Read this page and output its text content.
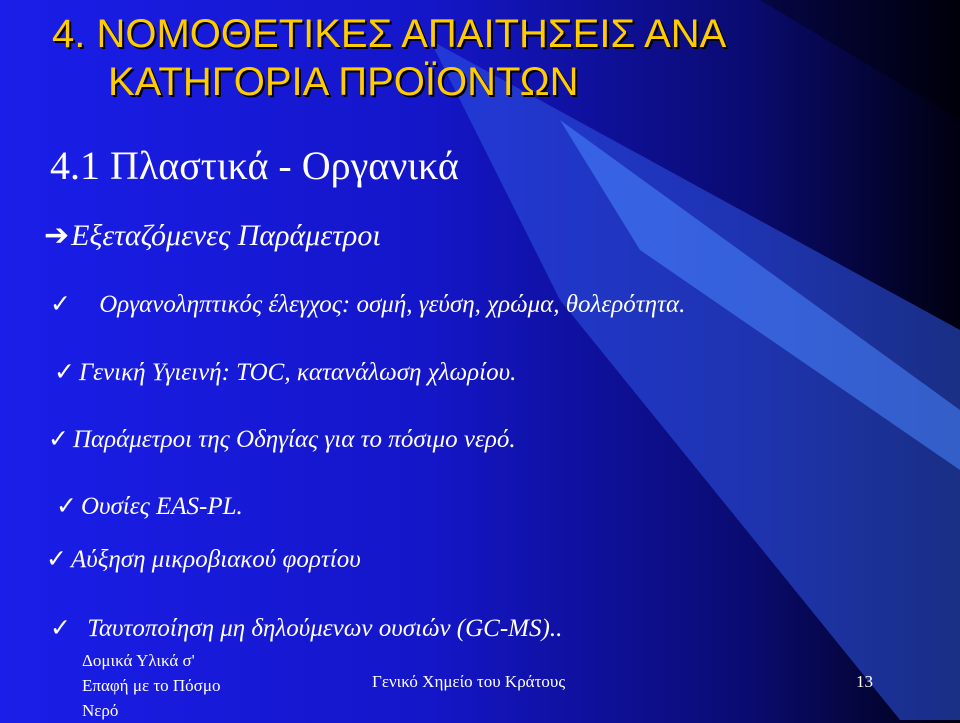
4. ΝΟΜΟΘΕΤΙΚΕΣ ΑΠΑΙΤΗΣΕΙΣ ΑΝΑ
ΚΑΤΗΓΟΡΙΑ ΠΡΟΪΟΝΤΩΝ
4.1 Πλαστικά - Οργανικά
➔Εξεταζόμενες Παράμετροι
✓ Οργανοληπτικός έλεγχος: οσμή, γεύση, χρώμα, θολερότητα.
✓ Γενική Υγιεινή: TOC, κατανάλωση χλωρίου.
✓ Παράμετροι της Οδηγίας για το πόσιμο νερό.
✓ Ουσίες EAS-PL.
✓ Αύξηση μικροβιακού φορτίου
✓ Ταυτοποίηση μη δηλούμενων ουσιών (GC-MS)..
Δομικά Υλικά σ'
Επαφή με το Πόσμο
Νερό
Γενικό Χημείο του Κράτους	13
